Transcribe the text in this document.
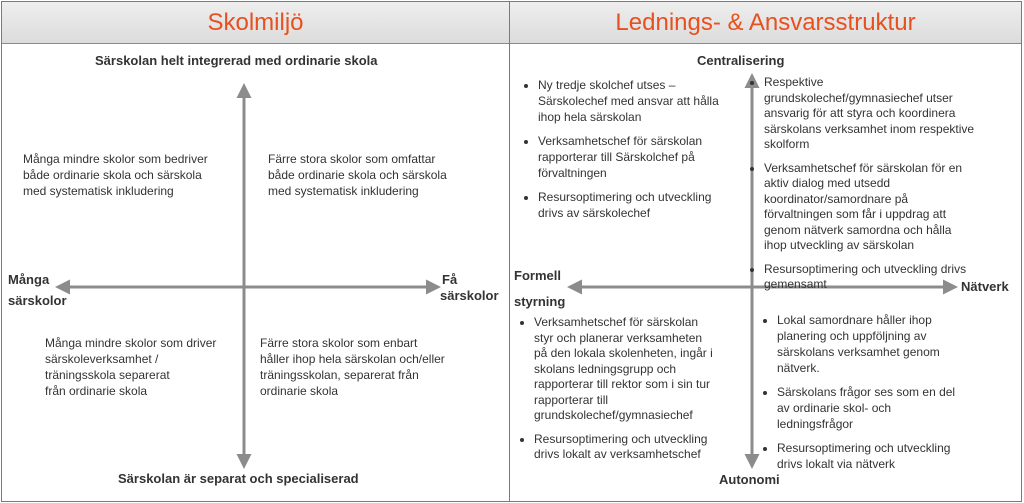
Skolmiljö	Lednings- & Ansvarsstruktur
Särskolan helt integrerad med ordinarie skola
Särskolan är separat och specialiserad
Många
särskolor
Få
särskolor
Många mindre skolor som bedriver
både ordinarie skola och särskola
med systematisk inkludering
Färre stora skolor som omfattar
både ordinarie skola och särskola
med systematisk inkludering
Många mindre skolor som driver
särskoleverksamhet /
träningsskola separerat
från ordinarie skola
Färre stora skolor som enbart
håller ihop hela särskolan och/eller
träningsskolan, separerat från
ordinarie skola
Centralisering
Autonomi
Formell
styrning
Nätverk
• Ny tredje skolchef utses –
Särskolechef med ansvar att hålla
ihop hela särskolan
• Verksamhetschef för särskolan
rapporterar till Särskolchef på
förvaltningen
• Resursoptimering och utveckling
drivs av särskolechef
• Respektive
grundskolechef/gymnasiechef utser
ansvarig för att styra och koordinera
särskolans verksamhet inom respektive
skolform
• Verksamhetschef för särskolan för en
aktiv dialog med utsedd
koordinator/samordnare på
förvaltningen som får i uppdrag att
genom nätverk samordna och hålla
ihop utveckling av särskolan
• Resursoptimering och utveckling drivs
gemensamt
• Verksamhetschef för särskolan
styr och planerar verksamheten
på den lokala skolenheten, ingår i
skolans ledningsgrupp och
rapporterar till rektor som i sin tur
rapporterar till
grundskolechef/gymnasiechef
• Resursoptimering och utveckling
drivs lokalt av verksamhetschef
• Lokal samordnare håller ihop
planering och uppföljning av
särskolans verksamhet genom
nätverk.
• Särskolans frågor ses som en del
av ordinarie skol- och
ledningsfrågor
• Resursoptimering och utveckling
drivs lokalt via nätverk
